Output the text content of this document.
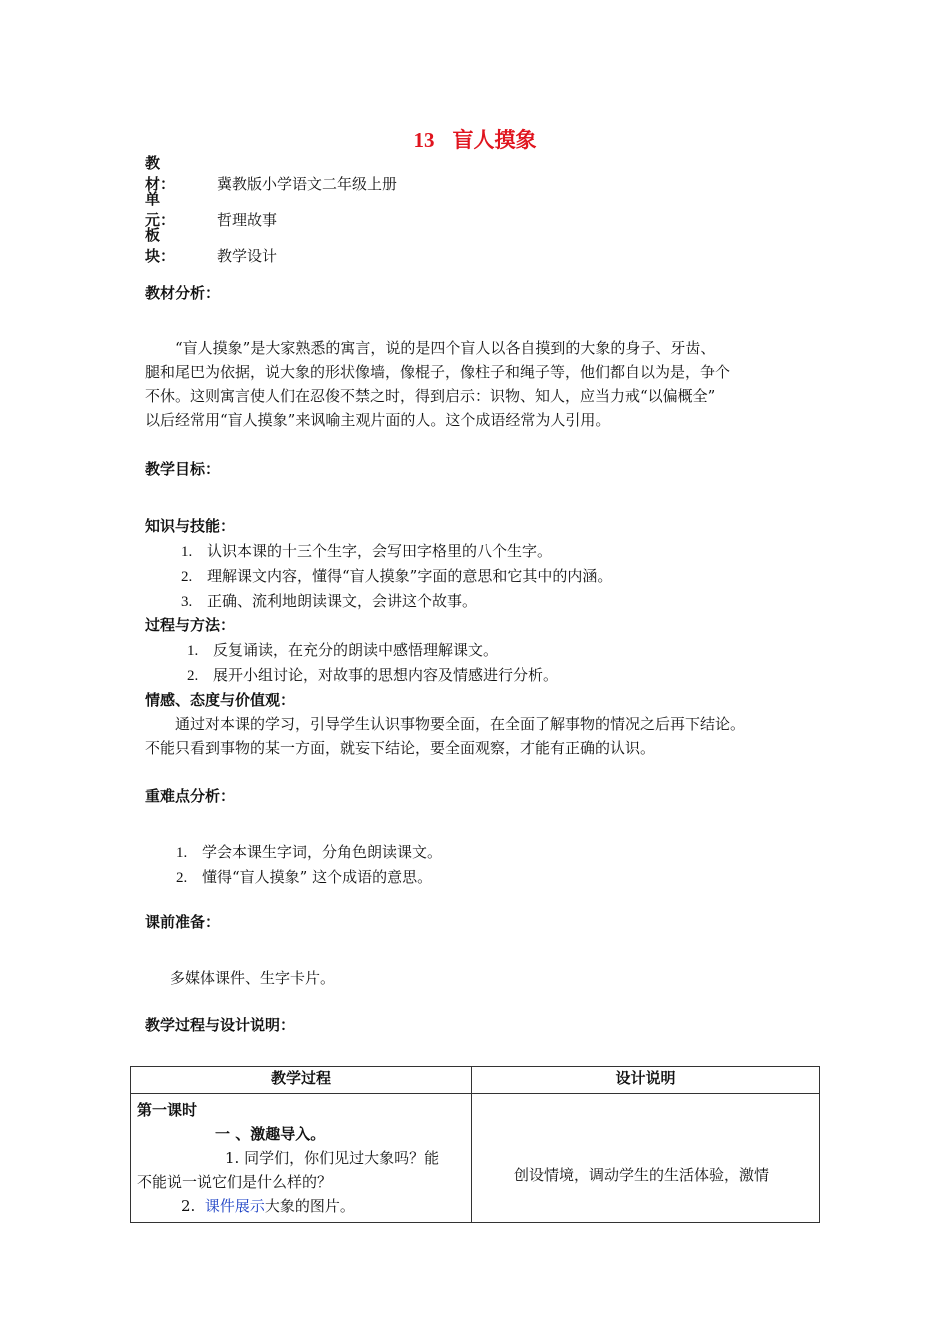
13 盲人摸象
教材：	冀教版小学语文二年级上册
单元：	哲理故事
板块：	教学设计
教材分析：
“盲人摸象”是大家熟悉的寓言，说的是四个盲人以各自摸到的大象的身子、牙齿、
腿和尾巴为依据，说大象的形状像墙，像棍子，像柱子和绳子等，他们都自以为是，争个
不休。这则寓言使人们在忍俊不禁之时，得到启示：识物、知人，应当力戒“以偏概全”
以后经常用“盲人摸象”来讽喻主观片面的人。这个成语经常为人引用。
教学目标：
知识与技能：
1. 认识本课的十三个生字，会写田字格里的八个生字。
2. 理解课文内容，懂得“盲人摸象”字面的意思和它其中的内涵。
3. 正确、流利地朗读课文，会讲这个故事。
过程与方法：
1. 反复诵读，在充分的朗读中感悟理解课文。
2. 展开小组讨论，对故事的思想内容及情感进行分析。
情感、态度与价值观：
通过对本课的学习，引导学生认识事物要全面，在全面了解事物的情况之后再下结论。
不能只看到事物的某一方面，就妄下结论，要全面观察，才能有正确的认识。
重难点分析：
1. 学会本课生字词，分角色朗读课文。
2. 懂得“盲人摸象” 这个成语的意思。
课前准备：
多媒体课件、生字卡片。
教学过程与设计说明：
教学过程	设计说明

第一课时
一 、激趣导入。
1. 同学们，你们见过大象吗？能
不能说一说它们是什么样的？
2. 课件展示大象的图片。	创设情境，调动学生的生活体验，激情
